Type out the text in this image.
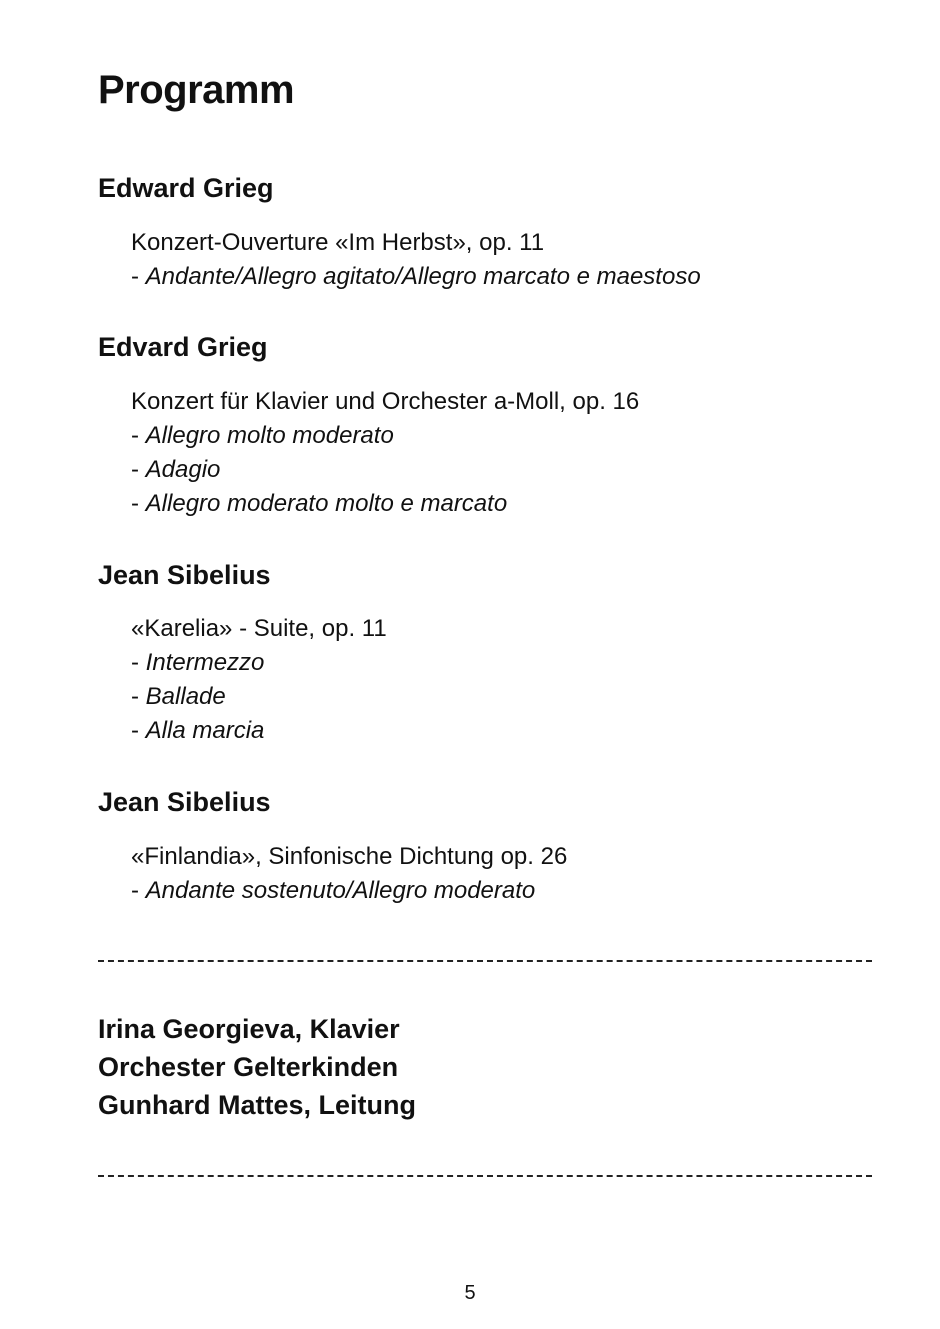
Programm
Edward Grieg
Konzert-Ouverture «Im Herbst», op. 11
- Andante/Allegro agitato/Allegro marcato e maestoso
Edvard Grieg
Konzert für Klavier und Orchester a-Moll, op. 16
- Allegro molto moderato
- Adagio
- Allegro moderato molto e marcato
Jean Sibelius
«Karelia» - Suite, op. 11
- Intermezzo
- Ballade
- Alla marcia
Jean Sibelius
«Finlandia», Sinfonische Dichtung op. 26
- Andante sostenuto/Allegro moderato
Irina Georgieva, Klavier
Orchester Gelterkinden
Gunhard Mattes, Leitung
5
